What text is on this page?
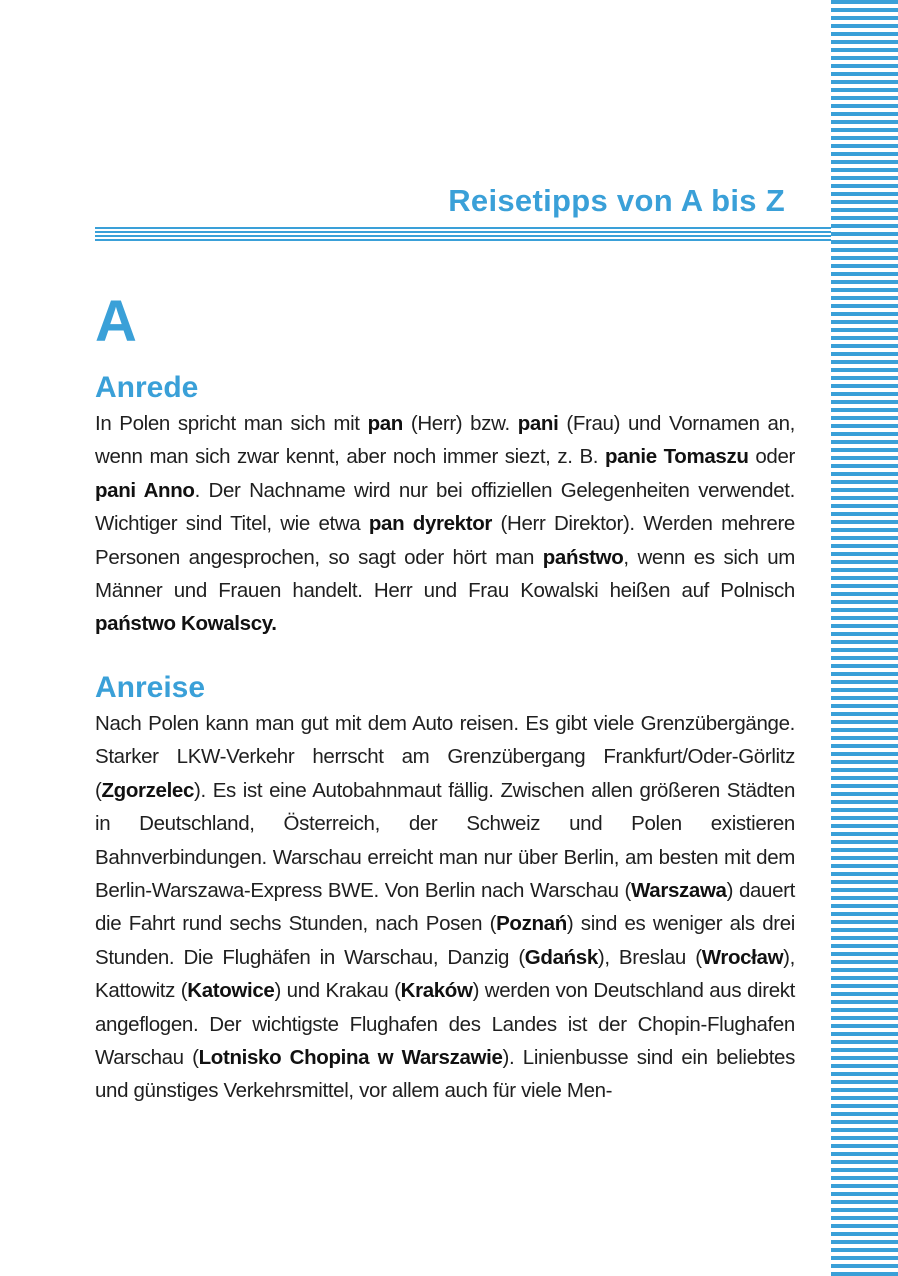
Reisetipps von A bis Z
A
Anrede

In Polen spricht man sich mit pan (Herr) bzw. pani (Frau) und Vornamen an, wenn man sich zwar kennt, aber noch immer siezt, z. B. panie Tomaszu oder pani Anno. Der Nachname wird nur bei offiziellen Gelegenheiten verwendet. Wichtiger sind Titel, wie etwa pan dyrektor (Herr Direktor). Werden mehrere Personen angesprochen, so sagt oder hört man państwo, wenn es sich um Männer und Frauen handelt. Herr und Frau Kowalski heißen auf Polnisch państwo Kowalscy.

Anreise

Nach Polen kann man gut mit dem Auto reisen. Es gibt viele Grenzübergänge. Starker LKW-Verkehr herrscht am Grenzübergang Frankfurt/Oder-Görlitz (Zgorzelec). Es ist eine Autobahnmaut fällig. Zwischen allen größeren Städten in Deutschland, Österreich, der Schweiz und Polen existieren Bahnverbindungen. Warschau erreicht man nur über Berlin, am besten mit dem Berlin-Warszawa-Express BWE. Von Berlin nach Warschau (Warszawa) dauert die Fahrt rund sechs Stunden, nach Posen (Poznań) sind es weniger als drei Stunden. Die Flughäfen in Warschau, Danzig (Gdańsk), Breslau (Wrocław), Kattowitz (Katowice) und Krakau (Kraków) werden von Deutschland aus direkt angeflogen. Der wichtigste Flughafen des Landes ist der Chopin-Flughafen Warschau (Lotnisko Chopina w Warszawie). Linienbusse sind ein beliebtes und günstiges Verkehrsmittel, vor allem auch für viele Men-
